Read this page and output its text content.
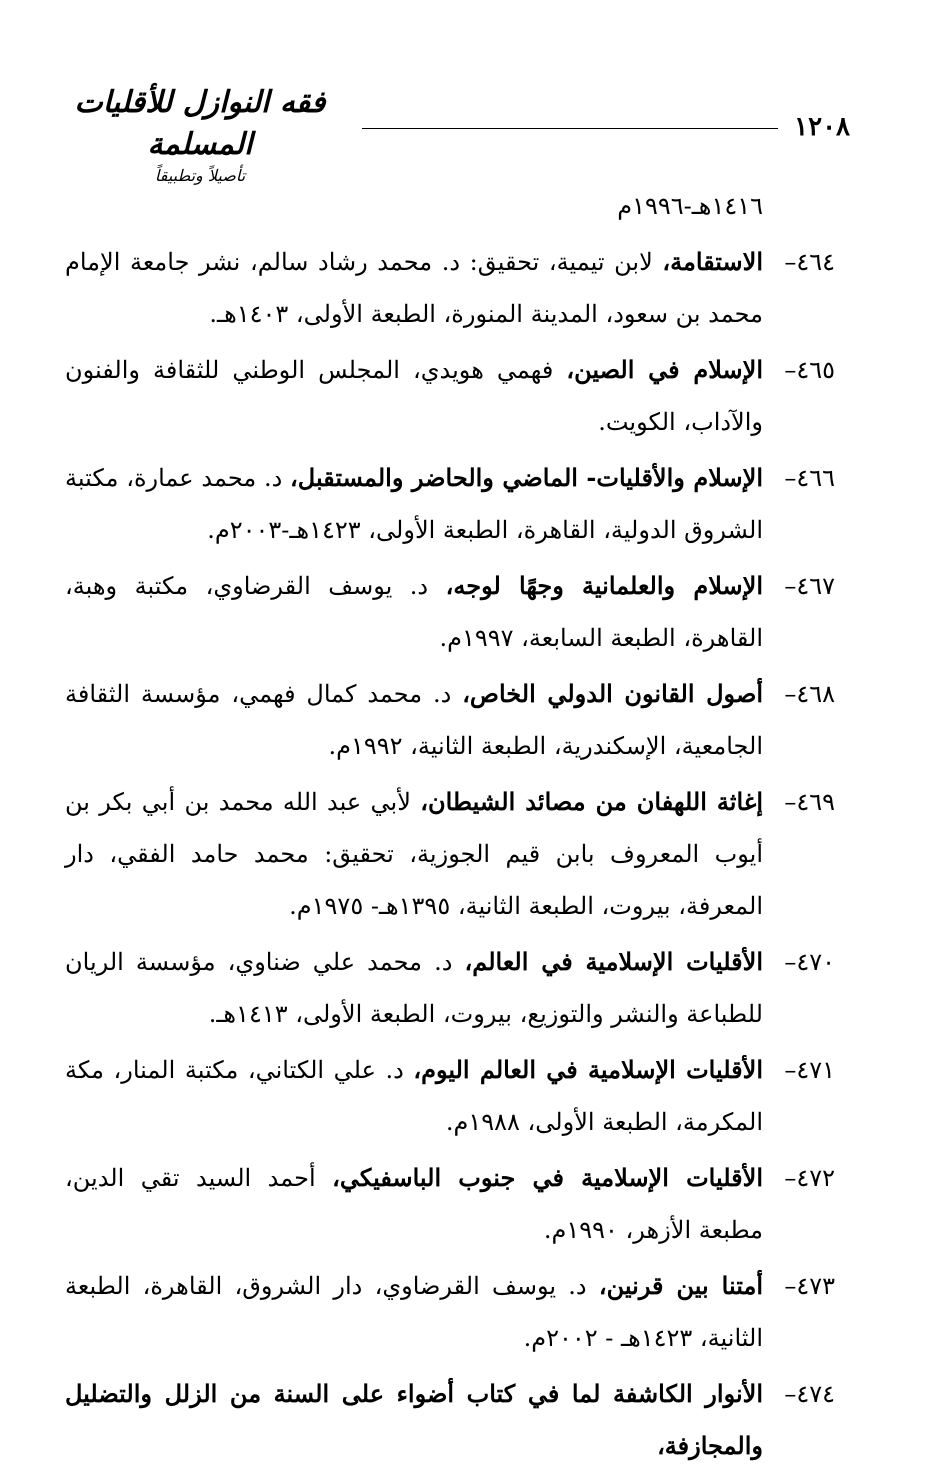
فقه النوازل للأقليات المسلمة
تأصيلاً وتطبيقاً
١٢٠٨
١٤١٦هـ-١٩٩٦م
٤٦٤–
الاستقامة، لابن تيمية، تحقيق: د. محمد رشاد سالم، نشر جامعة الإمام محمد بن سعود، المدينة المنورة، الطبعة الأولى، ١٤٠٣هـ.
٤٦٥–
الإسلام في الصين، فهمي هويدي، المجلس الوطني للثقافة والفنون والآداب، الكويت.
٤٦٦–
الإسلام والأقليات- الماضي والحاضر والمستقبل، د. محمد عمارة، مكتبة الشروق الدولية، القاهرة، الطبعة الأولى، ١٤٢٣هـ-٢٠٠٣م.
٤٦٧–
الإسلام والعلمانية وجهًا لوجه، د. يوسف القرضاوي، مكتبة وهبة، القاهرة، الطبعة السابعة، ١٩٩٧م.
٤٦٨–
أصول القانون الدولي الخاص، د. محمد كمال فهمي، مؤسسة الثقافة الجامعية، الإسكندرية، الطبعة الثانية، ١٩٩٢م.
٤٦٩–
إغاثة اللهفان من مصائد الشيطان، لأبي عبد الله محمد بن أبي بكر بن أيوب المعروف بابن قيم الجوزية، تحقيق: محمد حامد الفقي، دار المعرفة، بيروت، الطبعة الثانية، ١٣٩٥هـ- ١٩٧٥م.
٤٧٠–
الأقليات الإسلامية في العالم، د. محمد علي ضناوي، مؤسسة الريان للطباعة والنشر والتوزيع، بيروت، الطبعة الأولى، ١٤١٣هـ.
٤٧١–
الأقليات الإسلامية في العالم اليوم، د. علي الكتاني، مكتبة المنار، مكة المكرمة، الطبعة الأولى، ١٩٨٨م.
٤٧٢–
الأقليات الإسلامية في جنوب الباسفيكي، أحمد السيد تقي الدين، مطبعة الأزهر، ١٩٩٠م.
٤٧٣–
أمتنا بين قرنين، د. يوسف القرضاوي، دار الشروق، القاهرة، الطبعة الثانية، ١٤٢٣هـ - ٢٠٠٢م.
٤٧٤–
الأنوار الكاشفة لما في كتاب أضواء على السنة من الزلل والتضليل والمجازفة،
